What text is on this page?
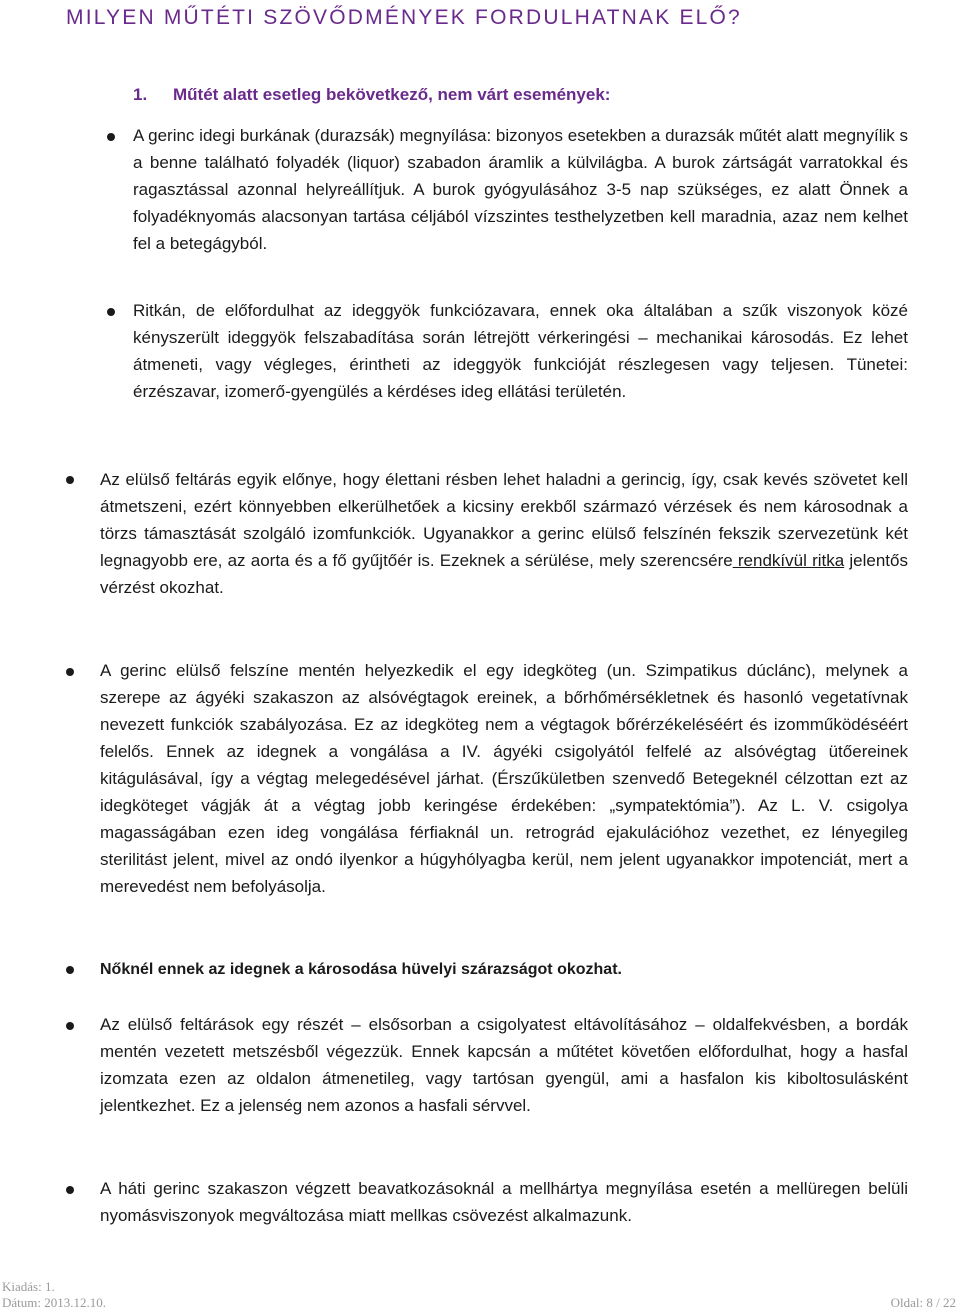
MILYEN MŰTÉTI SZÖVŐDMÉNYEK FORDULHATNAK ELŐ?
1. Műtét alatt esetleg bekövetkező, nem várt események:
A gerinc idegi burkának (durazsák) megnyílása: bizonyos esetekben a durazsák műtét alatt megnyílik s a benne található folyadék (liquor) szabadon áramlik a külvilágba. A burok zártságát varratokkal és ragasztással azonnal helyreállítjuk. A burok gyógyulásához 3-5 nap szükséges, ez alatt Önnek a folyadéknyomás alacsonyan tartása céljából vízszintes testhelyzetben kell maradnia, azaz nem kelhet fel a betegágyból.
Ritkán, de előfordulhat az ideggyök funkciózavara, ennek oka általában a szűk viszonyok közé kényszerült ideggyök felszabadítása során létrejött vérkeringési – mechanikai károsodás. Ez lehet átmeneti, vagy végleges, érintheti az ideggyök funkcióját részlegesen vagy teljesen. Tünetei: érzészavar, izomerő-gyengülés a kérdéses ideg ellátási területén.
Az elülső feltárás egyik előnye, hogy élettani résben lehet haladni a gerincig, így, csak kevés szövetet kell átmetszeni, ezért könnyebben elkerülhetőek a kicsiny erekből származó vérzések és nem károsodnak a törzs támasztását szolgáló izomfunkciók. Ugyanakkor a gerinc elülső felszínén fekszik szervezetünk két legnagyobb ere, az aorta és a fő gyűjtőér is. Ezeknek a sérülése, mely szerencsére rendkívül ritka jelentős vérzést okozhat.
A gerinc elülső felszíne mentén helyezkedik el egy idegköteg (un. Szimpatikus dúclánc), melynek a szerepe az ágyéki szakaszon az alsóvégtagok ereinek, a bőrhőmérsékletnek és hasonló vegetatívnak nevezett funkciók szabályozása. Ez az idegköteg nem a végtagok bőrérzékeléséért és izomműködéséért felelős. Ennek az idegnek a vongálása a IV. ágyéki csigolyától felfelé az alsóvégtag ütőereinek kitágulásával, így a végtag melegedésével járhat. (Érszűkületben szenvedő Betegeknél célzottan ezt az idegköteget vágják át a végtag jobb keringése érdekében: „sympatektómia”). Az L. V. csigolya magasságában ezen ideg vongálása férfiaknál un. retrográd ejakulációhoz vezethet, ez lényegileg sterilitást jelent, mivel az ondó ilyenkor a húgyhólyagba kerül, nem jelent ugyanakkor impotenciát, mert a merevedést nem befolyásolja.
Nőknél ennek az idegnek a károsodása hüvelyi szárazságot okozhat.
Az elülső feltárások egy részét – elsősorban a csigolyatest eltávolításához – oldalfekvésben, a bordák mentén vezetett metszésből végezzük. Ennek kapcsán a műtétet követően előfordulhat, hogy a hasfal izomzata ezen az oldalon átmenetileg, vagy tartósan gyengül, ami a hasfalon kis kiboltosulásként jelentkezhet. Ez a jelenség nem azonos a hasfali sérvvel.
A háti gerinc szakaszon végzett beavatkozásoknál a mellhártya megnyílása esetén a mellüregen belüli nyomásviszonyok megváltozása miatt mellkas csövezést alkalmazunk.
Kiadás: 1.
Dátum: 2013.12.10.	Oldal: 8 / 22
